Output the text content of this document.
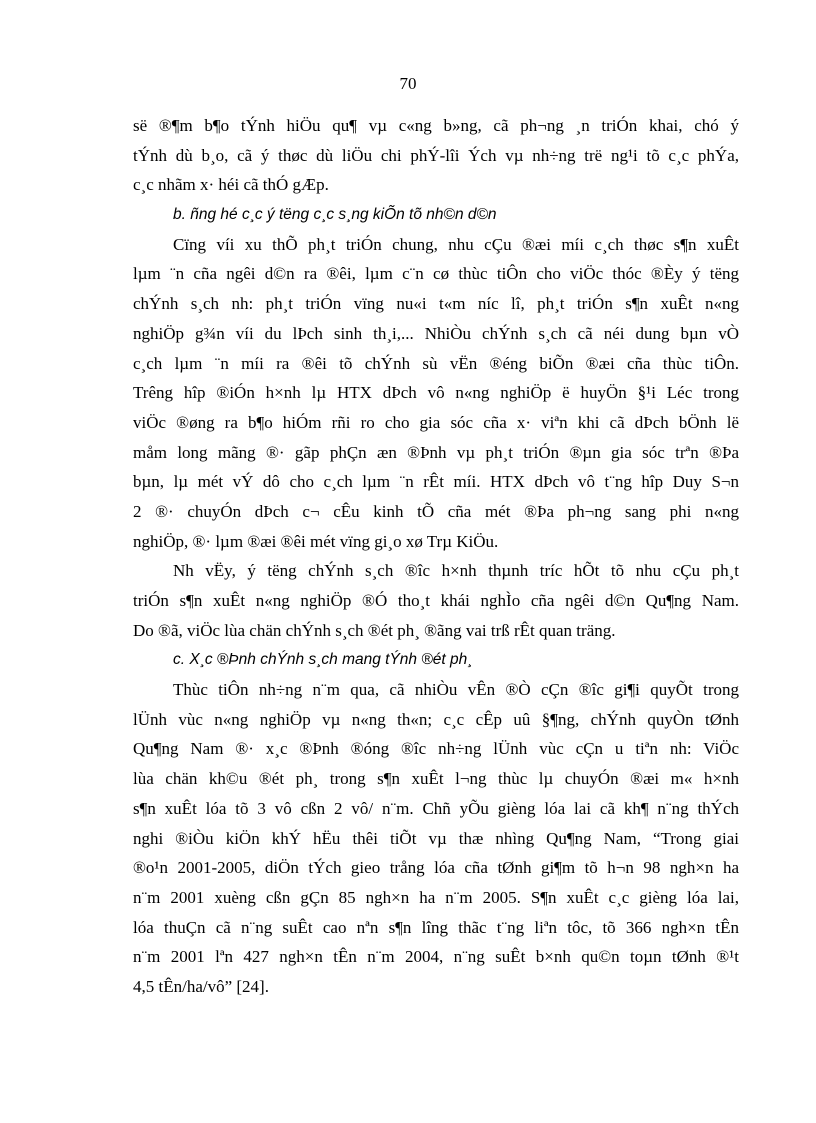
70
së ®¶m b¶o tÝnh hiÖu qu¶ vµ c«ng b»ng, cã ph¬ng ¸n triÓn khai, chó ý
tÝnh dù b¸o, cã ý thøc dù liÖu chi phÝ-lîi Ých vµ nh÷ng trë ng¹i tõ c¸c phÝa,
c¸c nhãm x· héi cã thÓ gÆp.
b. ñng hé c¸c ý tëng c¸c s¸ng kiÕn tõ nh©n d©n
Cïng víi xu thÕ ph¸t triÓn chung, nhu cÇu ®æi míi c¸ch thøc s¶n xuÊt
lµm ¨n cña ngêi d©n ra ®êi, lµm c¨n cø thùc tiÔn cho viÖc thóc ®Èy ý tëng
chÝnh s¸ch nh: ph¸t triÓn vïng nu«i t«m níc lî, ph¸t triÓn s¶n xuÊt n«ng
nghiÖp g¾n víi du lÞch sinh th¸i,... NhiÒu chÝnh s¸ch cã néi dung bµn vÒ
c¸ch lµm ¨n míi ra ®êi tõ chÝnh sù vËn ®éng biÕn ®æi cña thùc tiÔn.
Trêng hîp ®iÓn h×nh lµ HTX dÞch vô n«ng nghiÖp ë huyÖn §¹i Léc trong
viÖc ®øng ra b¶o hiÓm rñi ro cho gia sóc cña x· viªn khi cã dÞch bÖnh lë
måm long mãng ®· gãp phÇn æn ®Þnh vµ ph¸t triÓn ®µn gia sóc trªn ®Þa
bµn, lµ mét vÝ dô cho c¸ch lµm ¨n rÊt míi. HTX dÞch vô t¨ng hîp Duy S¬n
2 ®· chuyÓn dÞch c¬ cÊu kinh tÕ cña mét ®Þa ph¬ng sang phi n«ng
nghiÖp, ®· lµm ®æi ®êi mét vïng gi¸o xø Trµ KiÖu.
Nh vËy, ý tëng chÝnh s¸ch ®îc h×nh thµnh tríc hÕt tõ nhu cÇu ph¸t
triÓn s¶n xuÊt n«ng nghiÖp ®Ó tho¸t khái nghÌo cña ngêi d©n Qu¶ng Nam.
Do ®ã, viÖc lùa chän chÝnh s¸ch ®ét ph¸ ®ãng vai trß rÊt quan träng.
c. X¸c ®Þnh chÝnh s¸ch mang tÝnh ®ét ph¸
Thùc tiÔn nh÷ng n¨m qua, cã nhiÒu vÊn ®Ò cÇn ®îc gi¶i quyÕt trong
lÜnh vùc n«ng nghiÖp vµ n«ng th«n; c¸c cÊp uû §¶ng, chÝnh quyÒn tØnh
Qu¶ng Nam ®· x¸c ®Þnh ®óng ®îc nh÷ng lÜnh vùc cÇn u tiªn nh: ViÖc
lùa chän kh©u ®ét ph¸ trong s¶n xuÊt l¬ng thùc lµ chuyÓn ®æi m« h×nh
s¶n xuÊt lóa tõ 3 vô cßn 2 vô/ n¨m. Chñ yÕu gièng lóa lai cã kh¶ n¨ng thÝch
nghi ®iÒu kiÖn khÝ hËu thêi tiÕt vµ thæ nhìng Qu¶ng Nam, “Trong giai
®o¹n 2001-2005, diÖn tÝch gieo trång lóa cña tØnh gi¶m tõ h¬n 98 ngh×n ha
n¨m 2001 xuèng cßn gÇn 85 ngh×n ha n¨m 2005. S¶n xuÊt c¸c gièng lóa lai,
lóa thuÇn cã n¨ng suÊt cao nªn s¶n lîng thãc t¨ng liªn tôc, tõ 366 ngh×n tÊn
n¨m 2001 lªn 427 ngh×n tÊn n¨m 2004, n¨ng suÊt b×nh qu©n toµn tØnh ®¹t
4,5 tÊn/ha/vô” [24].
